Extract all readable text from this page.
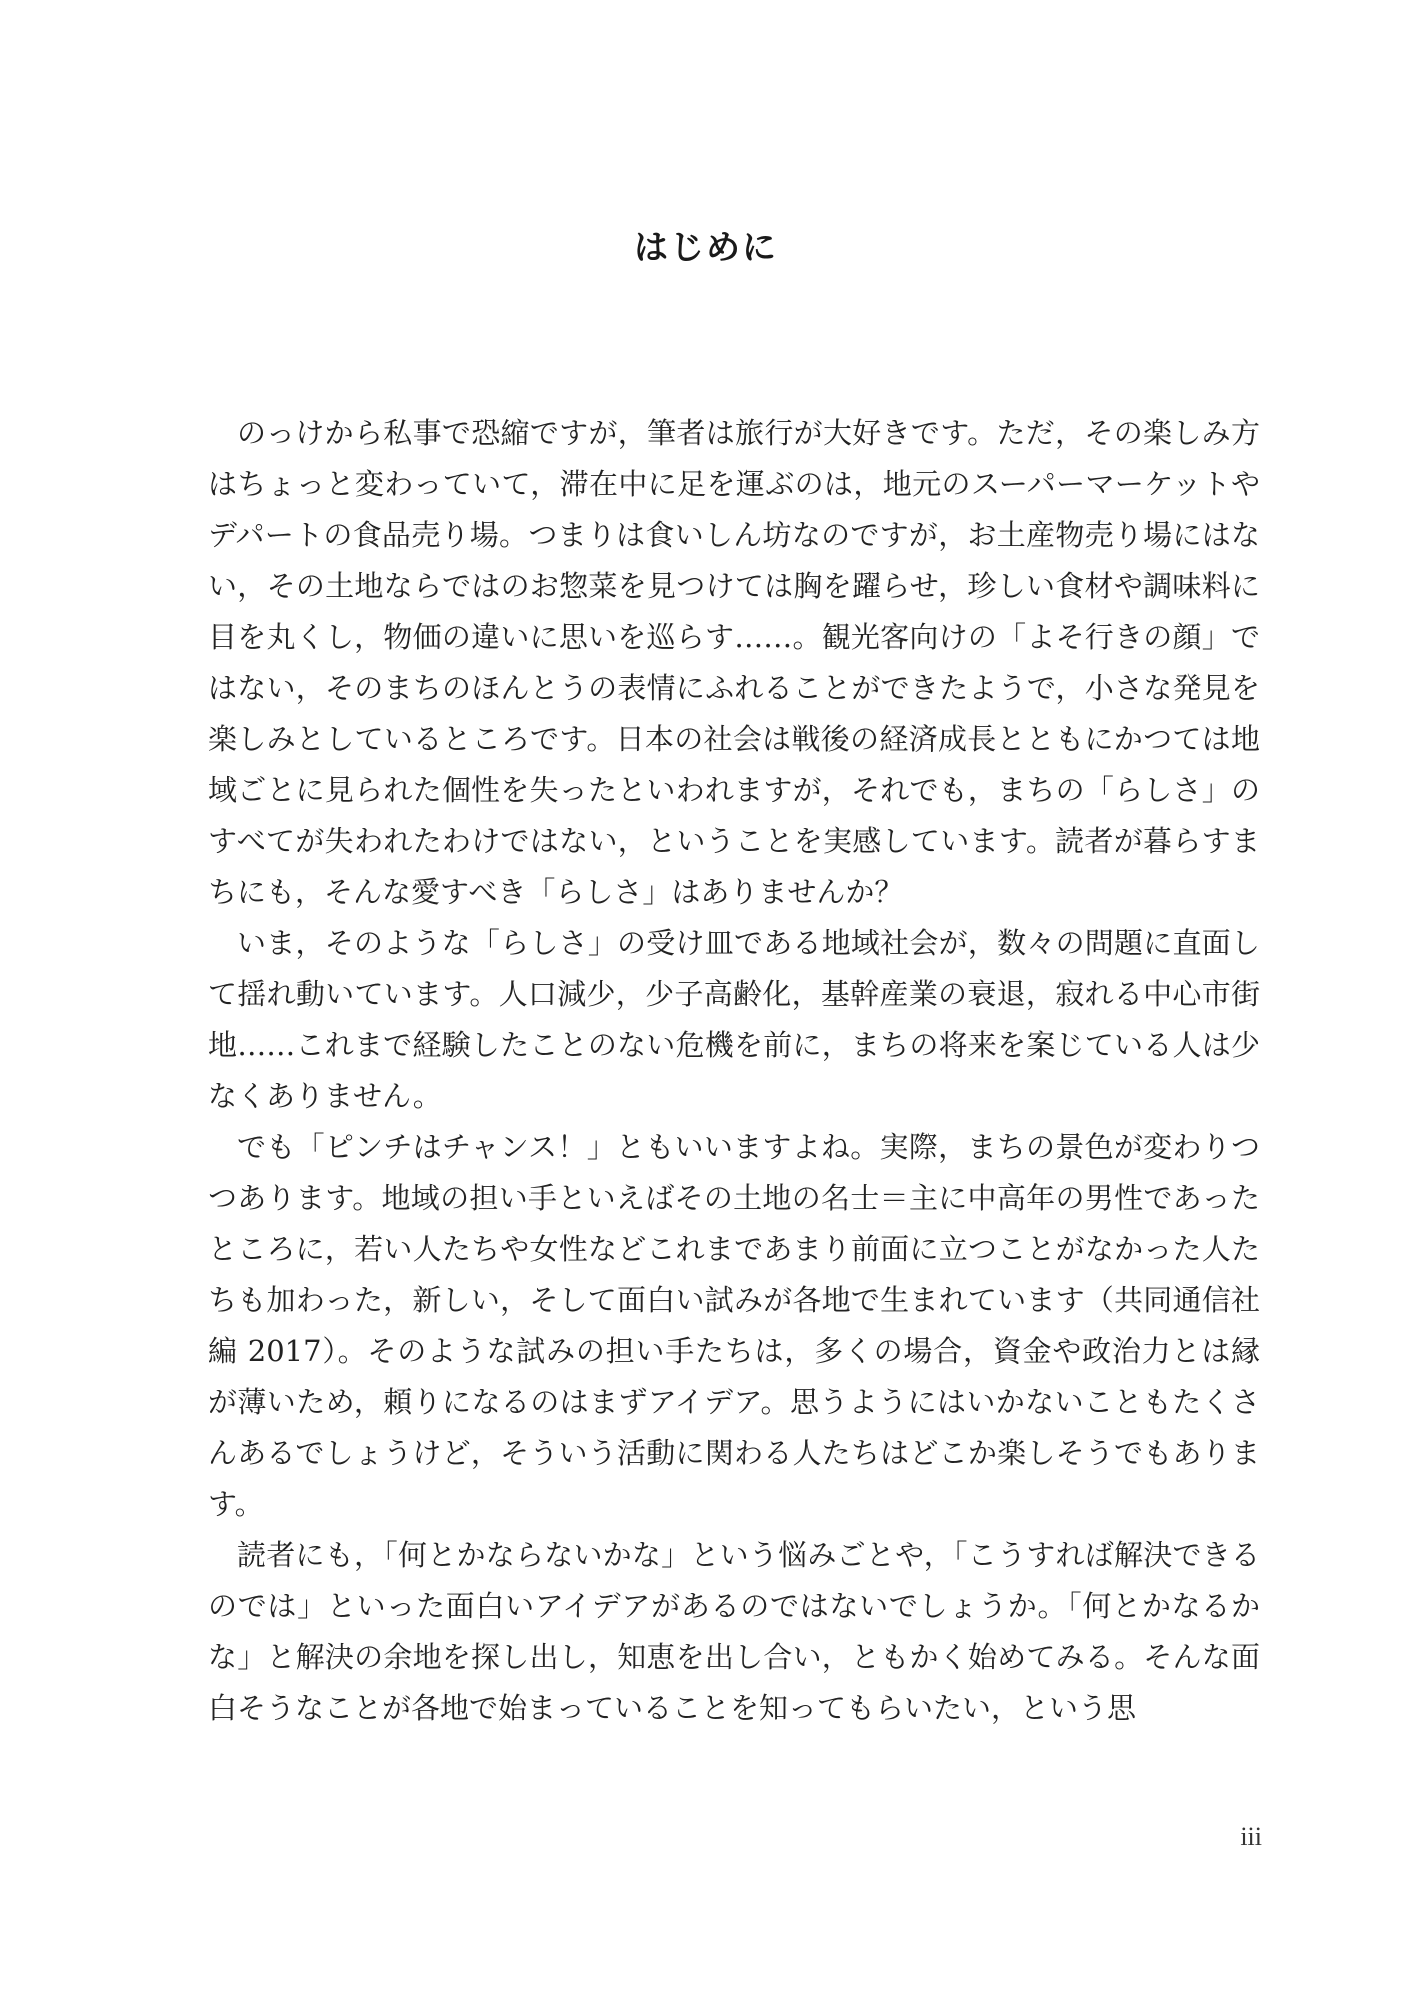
はじめに

のっけから私事で恐縮ですが，筆者は旅行が大好きです。ただ，その楽しみ方はちょっと変わっていて，滞在中に足を運ぶのは，地元のスーパーマーケットやデパートの食品売り場。つまりは食いしん坊なのですが，お土産物売り場にはない，その土地ならではのお惣菜を見つけては胸を躍らせ，珍しい食材や調味料に目を丸くし，物価の違いに思いを巡らす……。観光客向けの「よそ行きの顔」ではない，そのまちのほんとうの表情にふれることができたようで，小さな発見を楽しみとしているところです。日本の社会は戦後の経済成長とともにかつては地域ごとに見られた個性を失ったといわれますが，それでも，まちの「らしさ」のすべてが失われたわけではない，ということを実感しています。読者が暮らすまちにも，そんな愛すべき「らしさ」はありませんか？

いま，そのような「らしさ」の受け皿である地域社会が，数々の問題に直面して揺れ動いています。人口減少，少子高齢化，基幹産業の衰退，寂れる中心市街地……これまで経験したことのない危機を前に，まちの将来を案じている人は少なくありません。

でも「ピンチはチャンス！」ともいいますよね。実際，まちの景色が変わりつつあります。地域の担い手といえばその土地の名士＝主に中高年の男性であったところに，若い人たちや女性などこれまであまり前面に立つことがなかった人たちも加わった，新しい，そして面白い試みが各地で生まれています（共同通信社編 2017）。そのような試みの担い手たちは，多くの場合，資金や政治力とは縁が薄いため，頼りになるのはまずアイデア。思うようにはいかないこともたくさんあるでしょうけど，そういう活動に関わる人たちはどこか楽しそうでもあります。

読者にも，「何とかならないかな」という悩みごとや，「こうすれば解決できるのでは」といった面白いアイデアがあるのではないでしょうか。「何とかなるかな」と解決の余地を探し出し，知恵を出し合い，ともかく始めてみる。そんな面白そうなことが各地で始まっていることを知ってもらいたい，という思

iii
